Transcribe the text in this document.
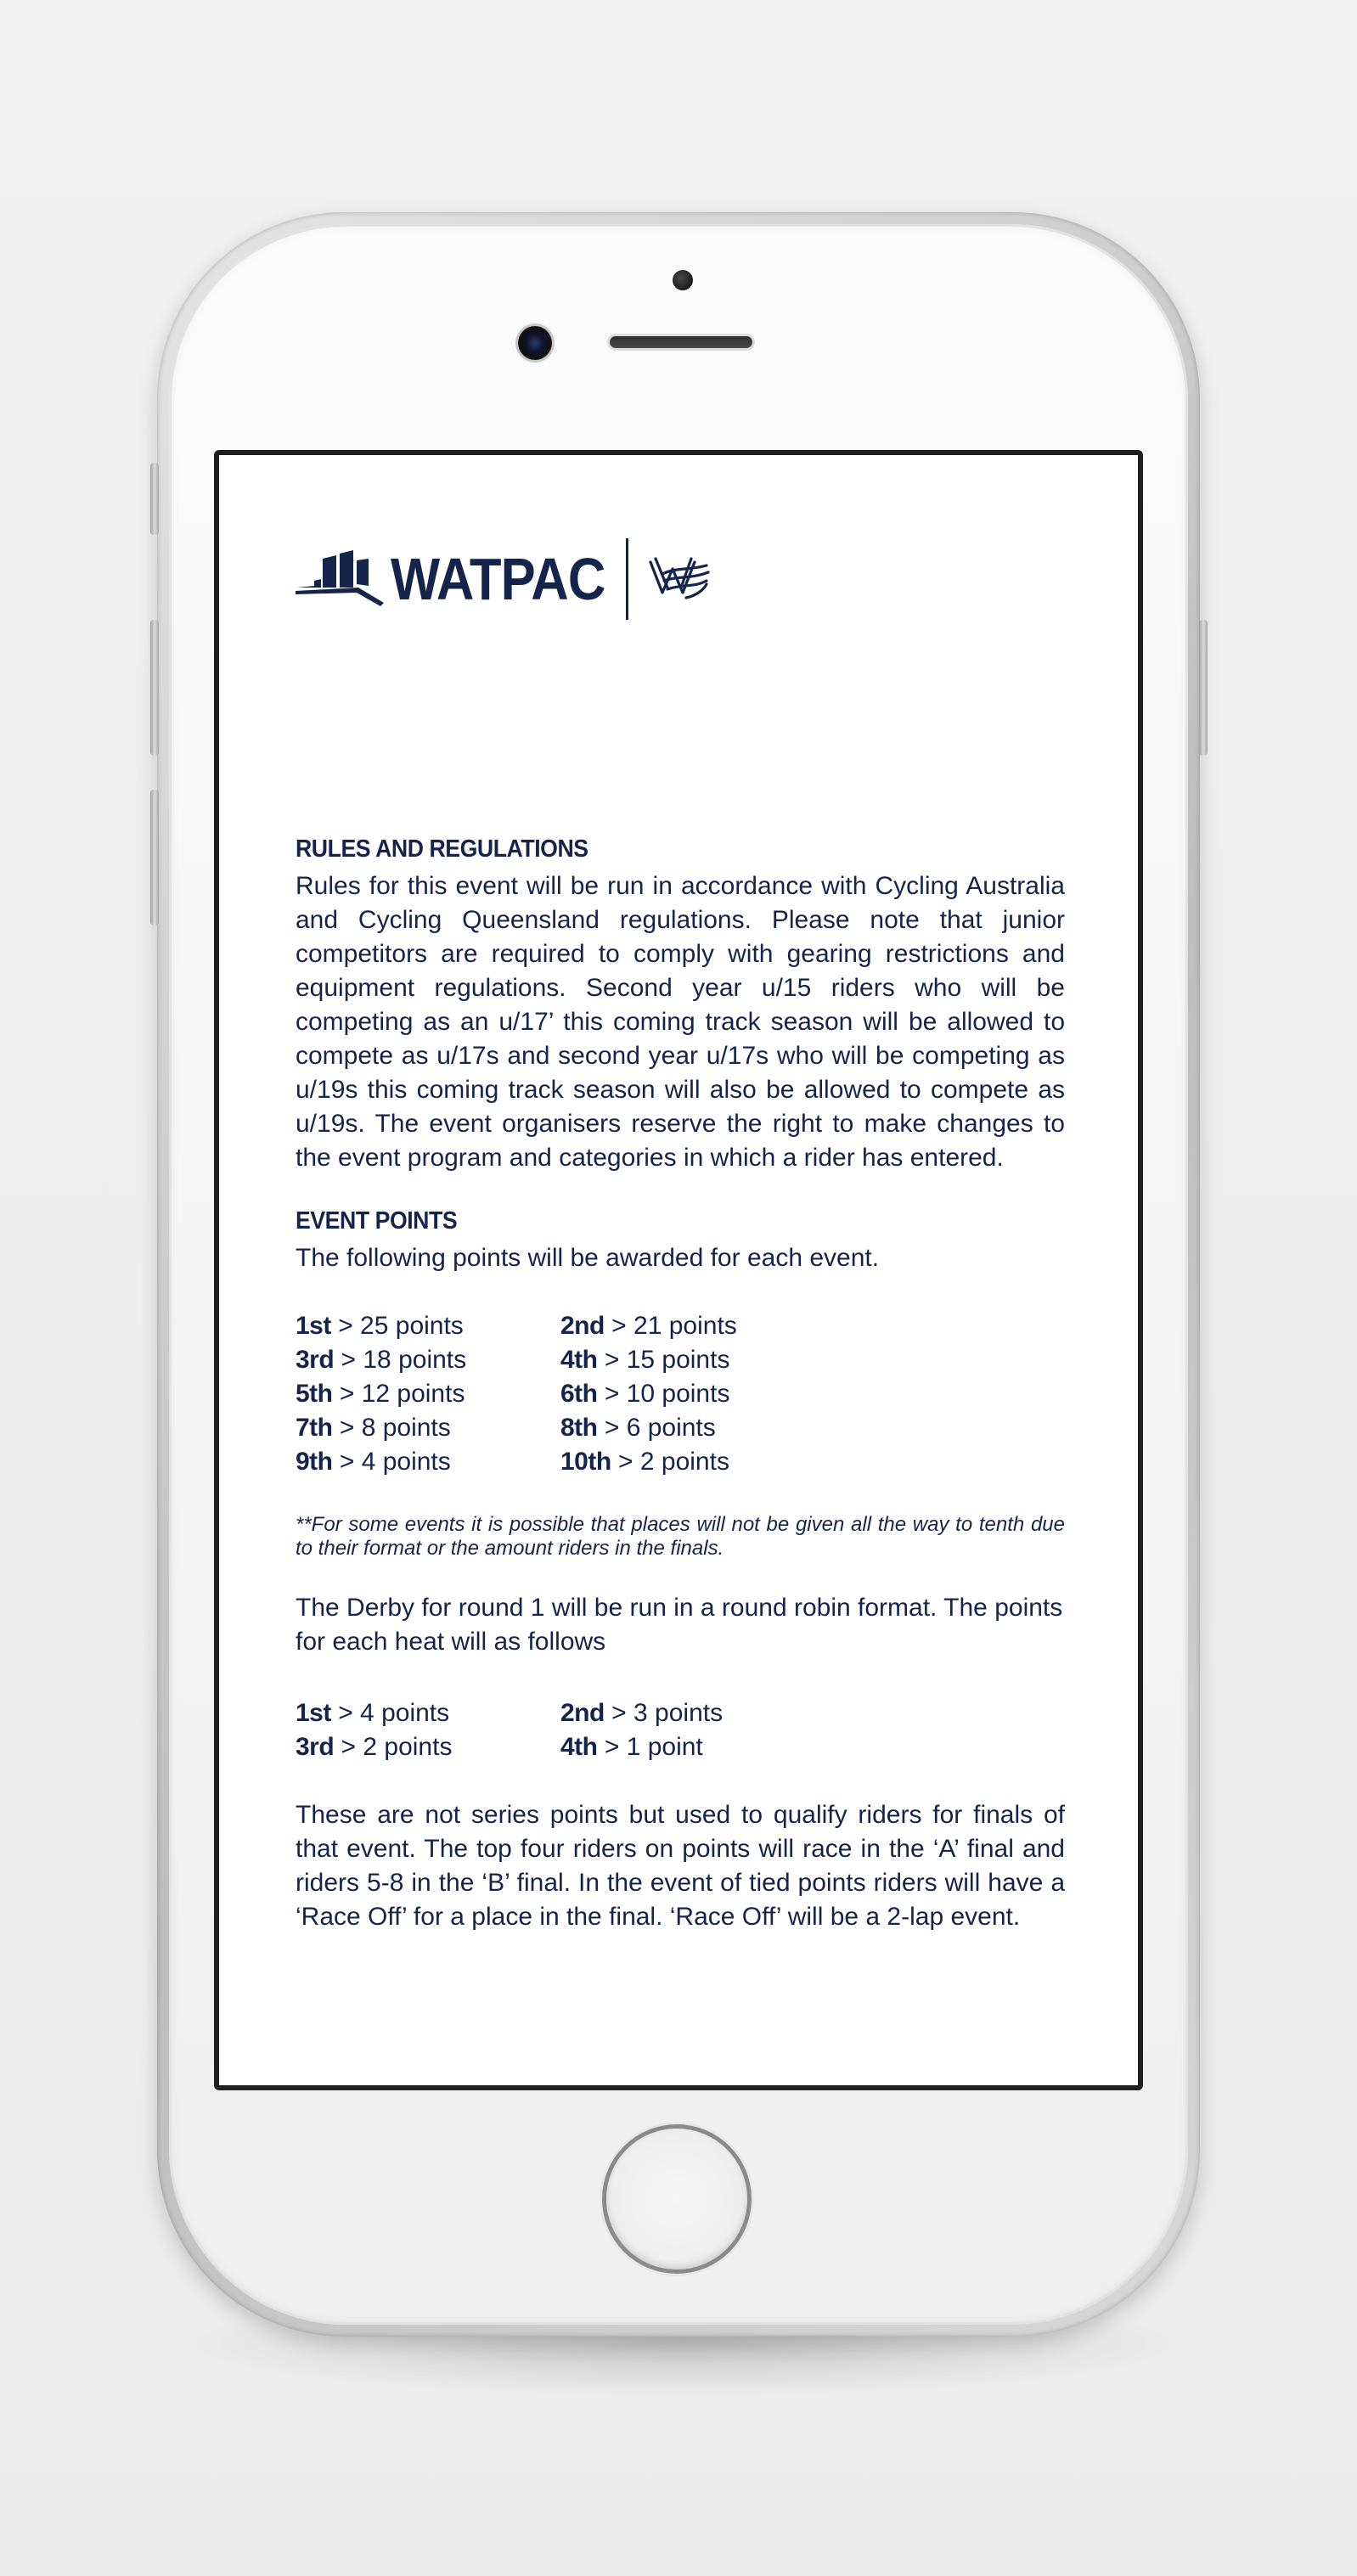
WATPAC
RULES AND REGULATIONS

Rules for this event will be run in accordance with Cycling Australia and Cycling Queensland regulations. Please note that junior competitors are required to comply with gearing restrictions and equipment regulations. Second year u/15 riders who will be competing as an u/17’ this coming track season will be allowed to compete as u/17s and second year u/17s who will be competing as u/19s this coming track season will also be allowed to compete as u/19s. The event organisers reserve the right to make changes to the event program and categories in which a rider has entered.

EVENT POINTS

The following points will be awarded for each event.

1st > 25 points	2nd > 21 points
3rd > 18 points	4th > 15 points
5th > 12 points	6th > 10 points
7th > 8 points	8th > 6 points
9th > 4 points	10th > 2 points

**For some events it is possible that places will not be given all the way to tenth due to their format or the amount riders in the finals.

The Derby for round 1 will be run in a round robin format. The points for each heat will as follows

1st > 4 points	2nd > 3 points
3rd > 2 points	4th > 1 point

These are not series points but used to qualify riders for finals of that event. The top four riders on points will race in the ‘A’ final and riders 5-8 in the ‘B’ final. In the event of tied points riders will have a ‘Race Off’ for a place in the final. ‘Race Off’ will be a 2-lap event.
